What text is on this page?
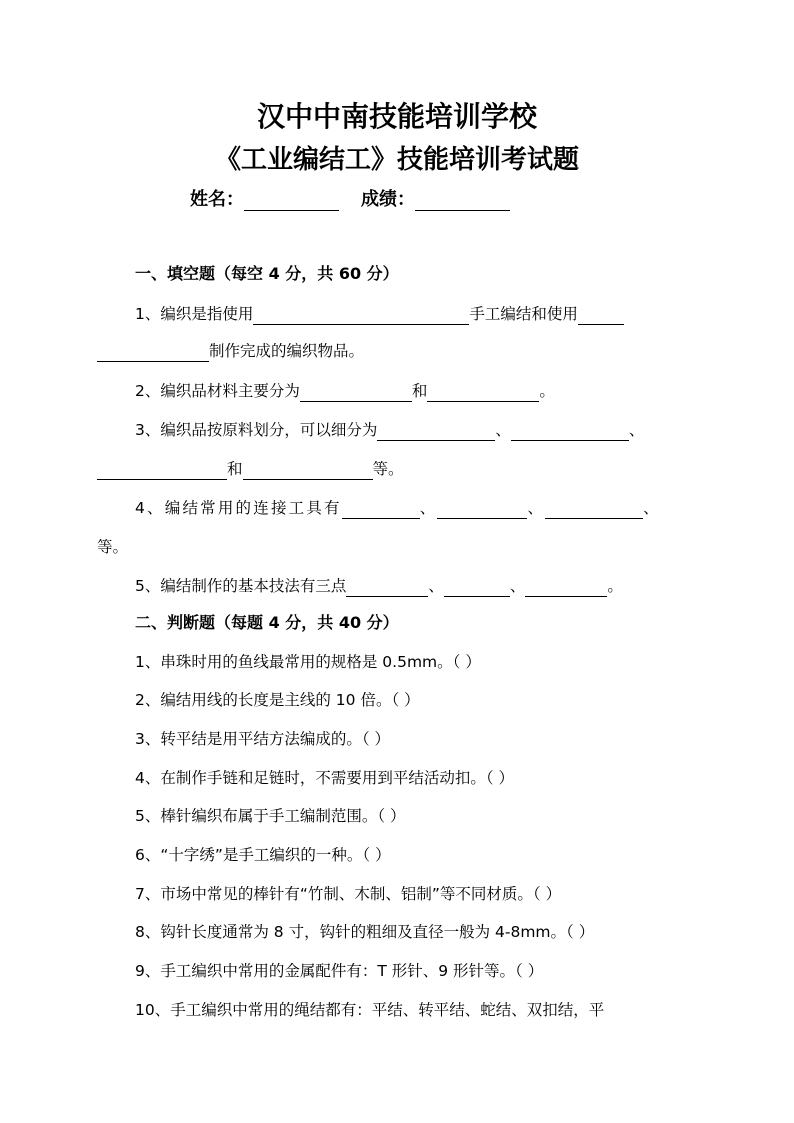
汉中中南技能培训学校
《工业编结工》技能培训考试题
姓名：	成绩：
一、填空题（每空 4 分，共 60 分）
1、编织是指使用	手工编结和使用
制作完成的编织物品。
2、编织品材料主要分为	和	。
3、编织品按原料划分，可以细分为	、	、
和	等。
4、编结常用的连接工具有	、	、	、
等。
5、编结制作的基本技法有三点	、	、	。
二、判断题（每题 4 分，共 40 分）
1、串珠时用的鱼线最常用的规格是 0.5mm。（ ）
2、编结用线的长度是主线的 10 倍。（ ）
3、转平结是用平结方法编成的。（ ）
4、在制作手链和足链时，不需要用到平结活动扣。（ ）
5、棒针编织布属于手工编制范围。（ ）
6、“十字绣”是手工编织的一种。（ ）
7、市场中常见的棒针有“竹制、木制、铝制”等不同材质。（ ）
8、钩针长度通常为 8 寸，钩针的粗细及直径一般为 4-8mm。（ ）
9、手工编织中常用的金属配件有：T 形针、9 形针等。（ ）
10、手工编织中常用的绳结都有：平结、转平结、蛇结、双扣结，平
